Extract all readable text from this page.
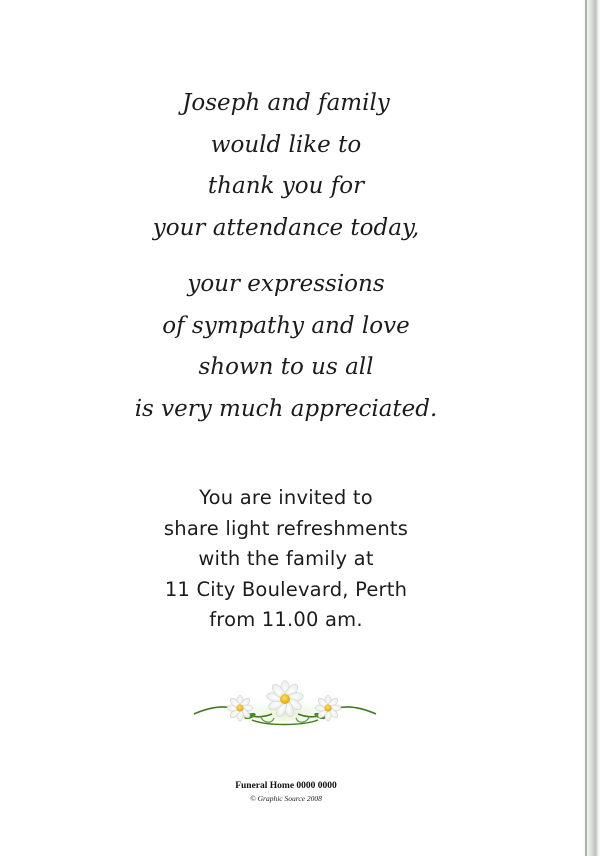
Joseph and family
would like to
thank you for
your attendance today,
your expressions
of sympathy and love
shown to us all
is very much appreciated.
You are invited to
share light refreshments
with the family at
11 City Boulevard, Perth
from 11.00 am.
Funeral Home 0000 0000
© Graphic Source 2008
